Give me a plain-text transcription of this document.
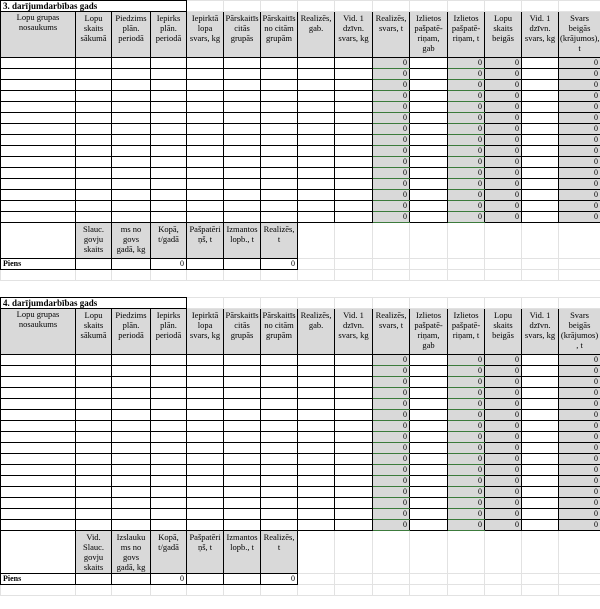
3. darījumdarbības gads														
Lopu grupas nosaukums	Lopu skaits sākumā	Piedzims plān. periodā	Iepirks plān. periodā	Iepirktā lopa svars, kg	Pārskaitīs citās grupās	Pārskaitīs no citām grupām	Realizēs, gab.	Vid. 1 dzīvn. svars, kg	Realizēs, svars, t	Izlietos pašpatē-riņam, gab	Izlietos pašpatē-riņam, t	Lopu skaits beigās	Vid. 1 dzīvn. svars, kg	Svars beigās (krājumos), t
									0		0	0		0
									0		0	0		0
									0		0	0		0
									0		0	0		0
									0		0	0		0
									0		0	0		0
									0		0	0		0
									0		0	0		0
									0		0	0		0
									0		0	0		0
									0		0	0		0
									0		0	0		0
									0		0	0		0
									0		0	0		0
									0		0	0		0
	Slauc. govju skaits	ms no govs gadā, kg	Kopā, t/gadā	Pašpatēri ņš, t	Izmantos lopb., t	Realizēs, t								
Piens			0			0								

4. darījumdarbības gads														
Lopu grupas nosaukums	Lopu skaits sākumā	Piedzims plān. periodā	Iepirks plān. periodā	Iepirktā lopa svars, kg	Pārskaitīs citās grupās	Pārskaitīs no citām grupām	Realizēs, gab.	Vid. 1 dzīvn. svars, kg	Realizēs, svars, t	Izlietos pašpatē-riņam, gab	Izlietos pašpatē-riņam, t	Lopu skaits beigās	Vid. 1 dzīvn. svars, kg	Svars beigās (krājumos) , t
									0		0	0		0
									0		0	0		0
									0		0	0		0
									0		0	0		0
									0		0	0		0
									0		0	0		0
									0		0	0		0
									0		0	0		0
									0		0	0		0
									0		0	0		0
									0		0	0		0
									0		0	0		0
									0		0	0		0
									0		0	0		0
									0		0	0		0
									0		0	0		0
	Vid. Slauc. govju skaits	Izslauku ms no govs gadā, kg	Kopā, t/gadā	Pašpatēri ņš, t	Izmantos lopb., t	Realizēs, t								
Piens			0			0								
